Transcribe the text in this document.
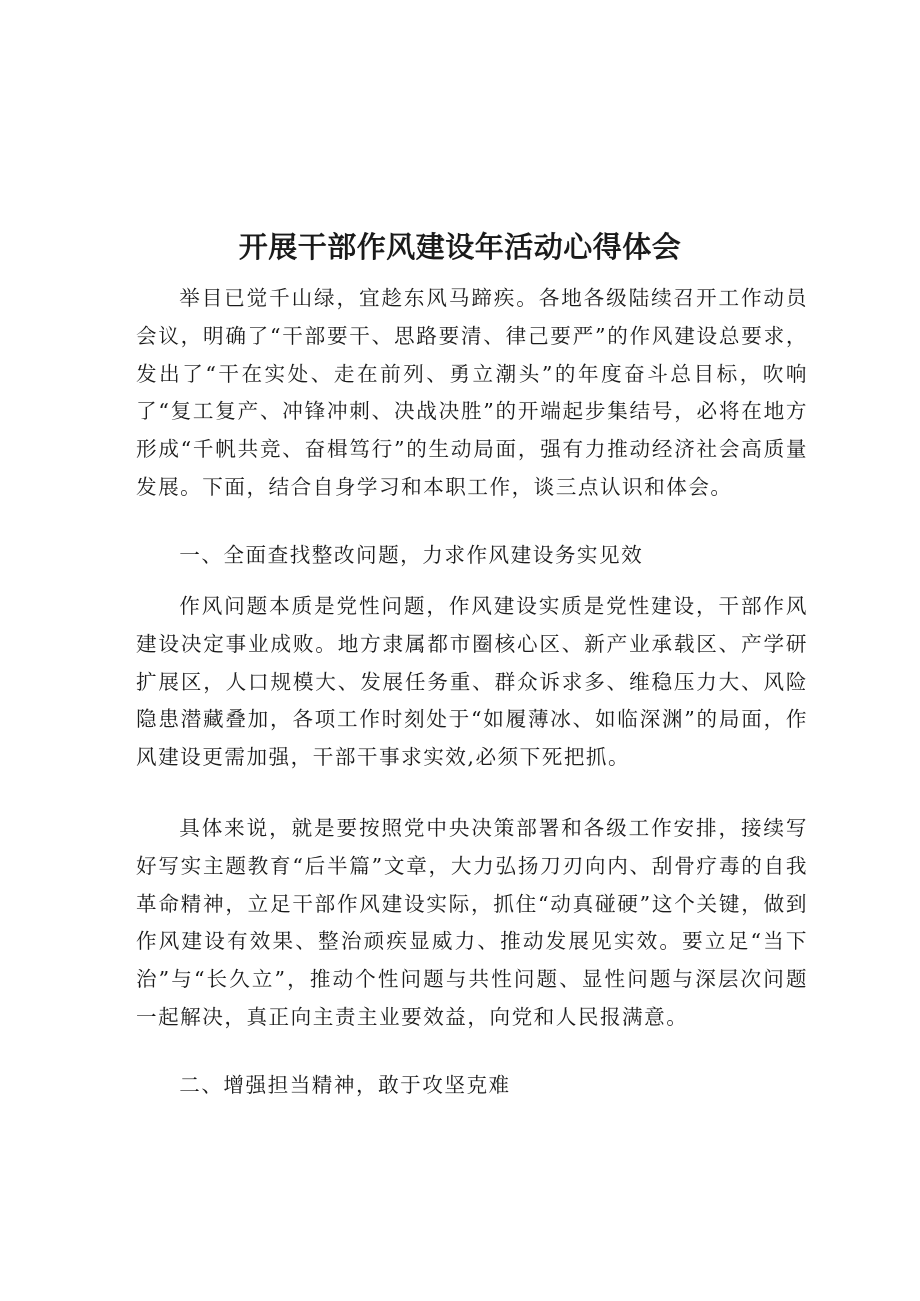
开展干部作风建设年活动心得体会

举目已觉千山绿，宜趁东风马蹄疾。各地各级陆续召开工作动员会议，明确了“干部要干、思路要清、律己要严”的作风建设总要求，发出了“干在实处、走在前列、勇立潮头”的年度奋斗总目标，吹响了“复工复产、冲锋冲刺、决战决胜”的开端起步集结号，必将在地方形成“千帆共竞、奋楫笃行”的生动局面，强有力推动经济社会高质量发展。下面，结合自身学习和本职工作，谈三点认识和体会。

一、全面查找整改问题，力求作风建设务实见效

作风问题本质是党性问题，作风建设实质是党性建设，干部作风建设决定事业成败。地方隶属都市圈核心区、新产业承载区、产学研扩展区，人口规模大、发展任务重、群众诉求多、维稳压力大、风险隐患潜藏叠加，各项工作时刻处于“如履薄冰、如临深渊”的局面，作风建设更需加强，干部干事求实效,必须下死把抓。

具体来说，就是要按照党中央决策部署和各级工作安排，接续写好写实主题教育“后半篇”文章，大力弘扬刀刃向内、刮骨疗毒的自我革命精神，立足干部作风建设实际，抓住“动真碰硬”这个关键，做到作风建设有效果、整治顽疾显威力、推动发展见实效。要立足“当下治”与“长久立”，推动个性问题与共性问题、显性问题与深层次问题一起解决，真正向主责主业要效益，向党和人民报满意。

二、增强担当精神，敢于攻坚克难
